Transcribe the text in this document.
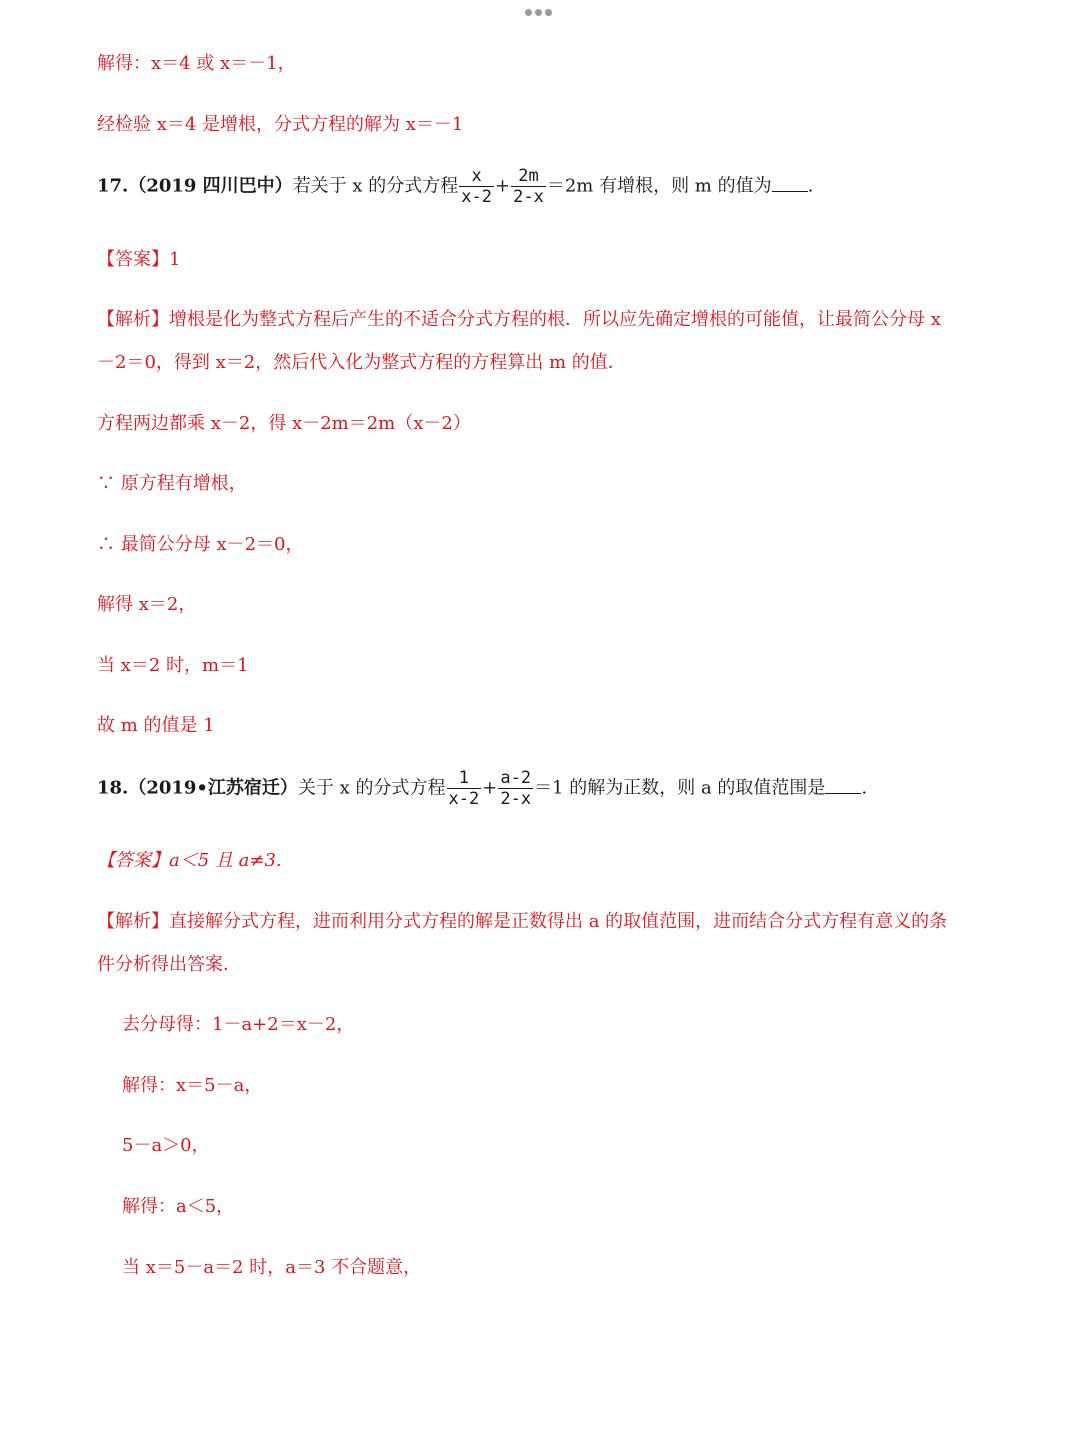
解得：x＝4 或 x＝－1，
经检验 x＝4 是增根，分式方程的解为 x＝－1
17.（2019 四川巴中）若关于 x 的分式方程 $\frac{x}{x-2} + \frac{2m}{2-x} =2m$ 有增根，则 m 的值为 .
【答案】1
【解析】增根是化为整式方程后产生的不适合分式方程的根．所以应先确定增根的可能值，让最简公分母 x
－2＝0，得到 x＝2，然后代入化为整式方程的方程算出 m 的值．
方程两边都乘 x－2，得 x－2m＝2m（x－2）
∵ 原方程有增根，
∴ 最简公分母 x－2＝0，
解得 x＝2，
当 x＝2 时，m＝1
故 m 的值是 1
18.（2019•江苏宿迁）关于 x 的分式方程 $\frac{1}{x-2} + \frac{a-2}{2-x} =1$ 的解为正数，则 a 的取值范围是 .
【答案】a＜5 且 a≠3.
【解析】直接解分式方程，进而利用分式方程的解是正数得出 a 的取值范围，进而结合分式方程有意义的条
件分析得出答案．
去分母得：1－a+2＝x－2，
解得：x＝5－a，
5－a＞0，
解得：a＜5，
当 x＝5－a＝2 时，a＝3 不合题意，
